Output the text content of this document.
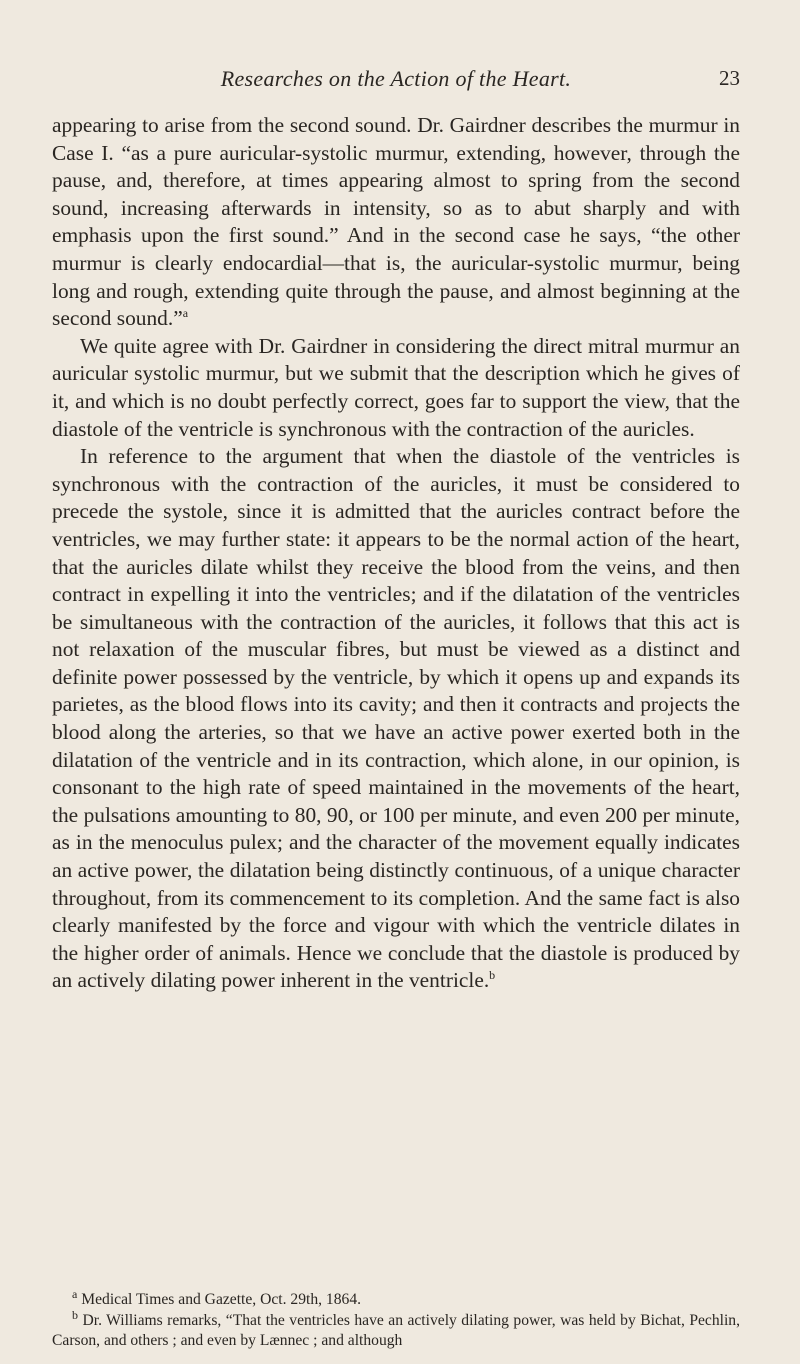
Researches on the Action of the Heart.	23

appearing to arise from the second sound. Dr. Gairdner describes the murmur in Case I. “as a pure auricular-systolic murmur, extending, however, through the pause, and, therefore, at times appearing almost to spring from the second sound, increasing afterwards in intensity, so as to abut sharply and with emphasis upon the first sound.” And in the second case he says, “the other murmur is clearly endocardial—that is, the auricular-systolic murmur, being long and rough, extending quite through the pause, and almost beginning at the second sound.”$^a$

We quite agree with Dr. Gairdner in considering the direct mitral murmur an auricular systolic murmur, but we submit that the description which he gives of it, and which is no doubt perfectly correct, goes far to support the view, that the diastole of the ventricle is synchronous with the contraction of the auricles.

In reference to the argument that when the diastole of the ventricles is synchronous with the contraction of the auricles, it must be considered to precede the systole, since it is admitted that the auricles contract before the ventricles, we may further state: it appears to be the normal action of the heart, that the auricles dilate whilst they receive the blood from the veins, and then contract in expelling it into the ventricles; and if the dilatation of the ventricles be simultaneous with the contraction of the auricles, it follows that this act is not relaxation of the muscular fibres, but must be viewed as a distinct and definite power possessed by the ventricle, by which it opens up and expands its parietes, as the blood flows into its cavity; and then it contracts and projects the blood along the arteries, so that we have an active power exerted both in the dilatation of the ventricle and in its contraction, which alone, in our opinion, is consonant to the high rate of speed maintained in the movements of the heart, the pulsations amounting to 80, 90, or 100 per minute, and even 200 per minute, as in the menoculus pulex; and the character of the movement equally indicates an active power, the dilatation being distinctly continuous, of a unique character throughout, from its commencement to its completion. And the same fact is also clearly manifested by the force and vigour with which the ventricle dilates in the higher order of animals. Hence we conclude that the diastole is produced by an actively dilating power inherent in the ventricle.$^b$

$^a$ Medical Times and Gazette, Oct. 29th, 1864.

$^b$ Dr. Williams remarks, “That the ventricles have an actively dilating power, was held by Bichat, Pechlin, Carson, and others ; and even by Lænnec ; and although
